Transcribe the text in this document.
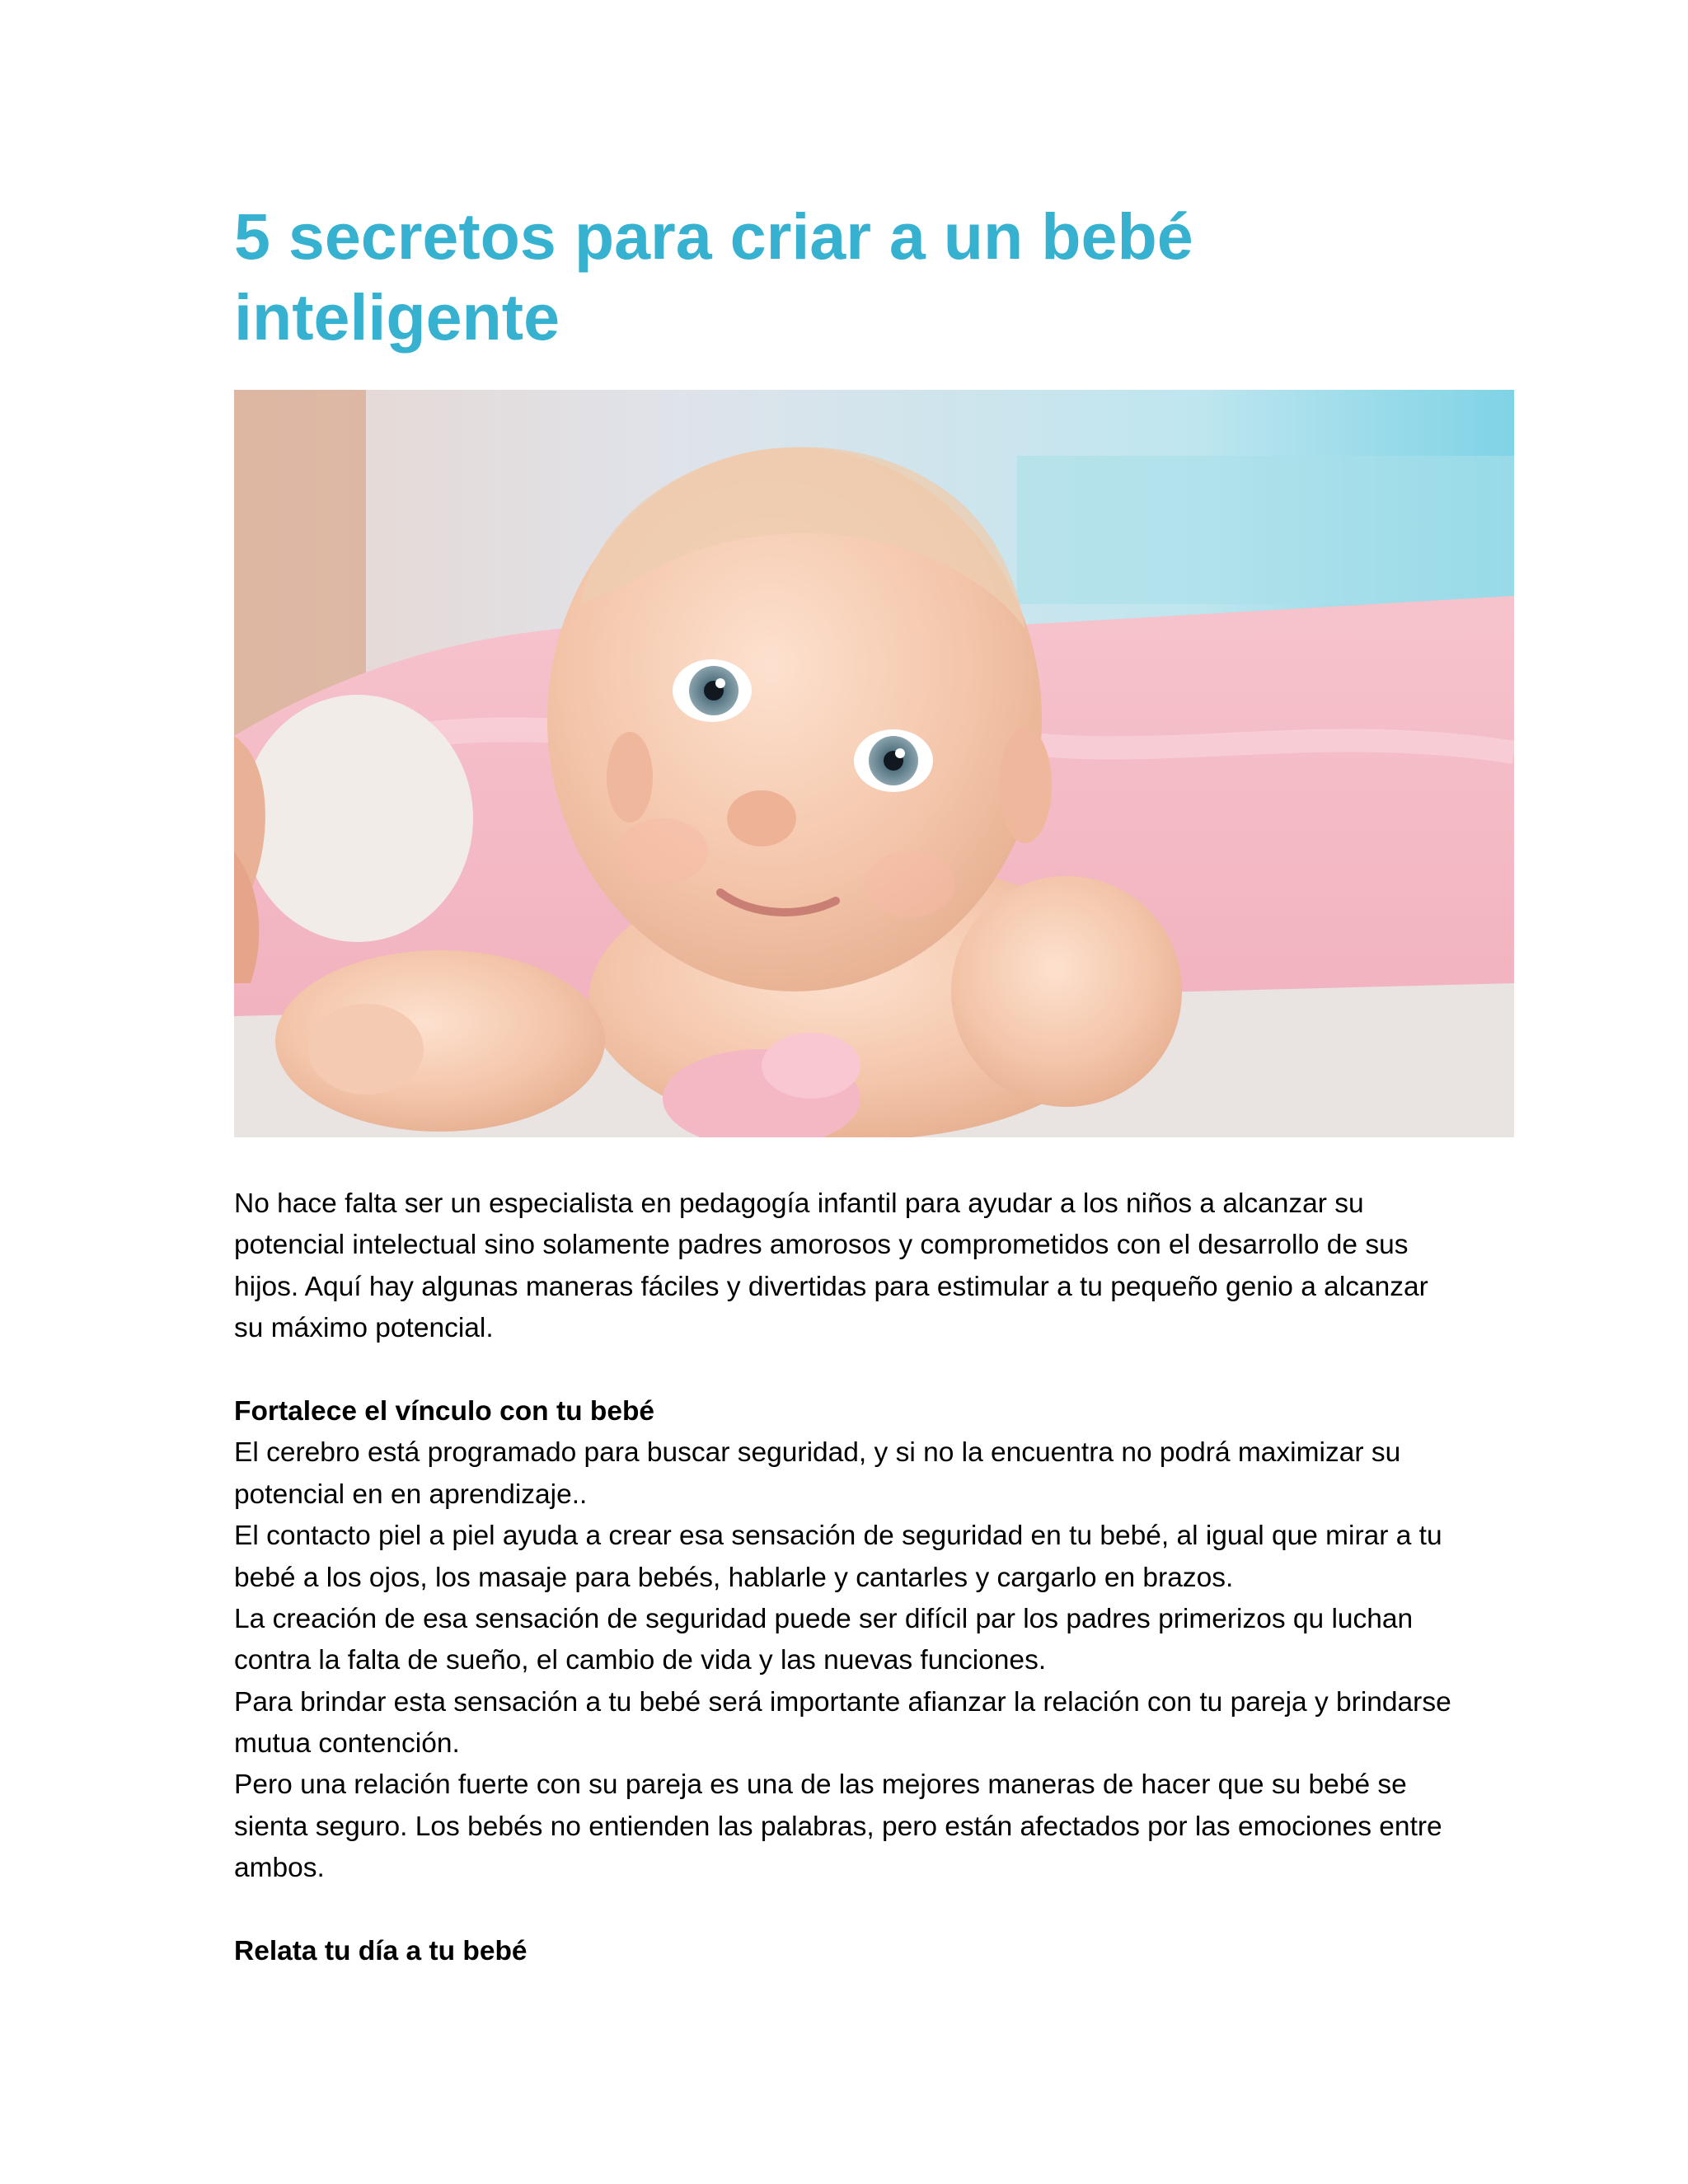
5 secretos para criar a un bebé
inteligente
No hace falta ser un especialista en pedagogía infantil para ayudar a los niños a alcanzar su
potencial intelectual sino solamente padres amorosos y comprometidos con el desarrollo de sus
hijos. Aquí hay algunas maneras fáciles y divertidas para estimular a tu pequeño genio a alcanzar
su máximo potencial.
Fortalece el vínculo con tu bebé
El cerebro está programado para buscar seguridad, y si no la encuentra no podrá maximizar su
potencial en en aprendizaje..
El contacto piel a piel ayuda a crear esa sensación de seguridad en tu bebé, al igual que mirar a tu
bebé a los ojos, los masaje para bebés, hablarle y cantarles y cargarlo en brazos.
La creación de esa sensación de seguridad puede ser difícil par los padres primerizos qu luchan
contra la falta de sueño, el cambio de vida y las nuevas funciones.
Para brindar esta sensación a tu bebé será importante afianzar la relación con tu pareja y brindarse
mutua contención.
Pero una relación fuerte con su pareja es una de las mejores maneras de hacer que su bebé se
sienta seguro. Los bebés no entienden las palabras, pero están afectados por las emociones entre
ambos.
Relata tu día a tu bebé
